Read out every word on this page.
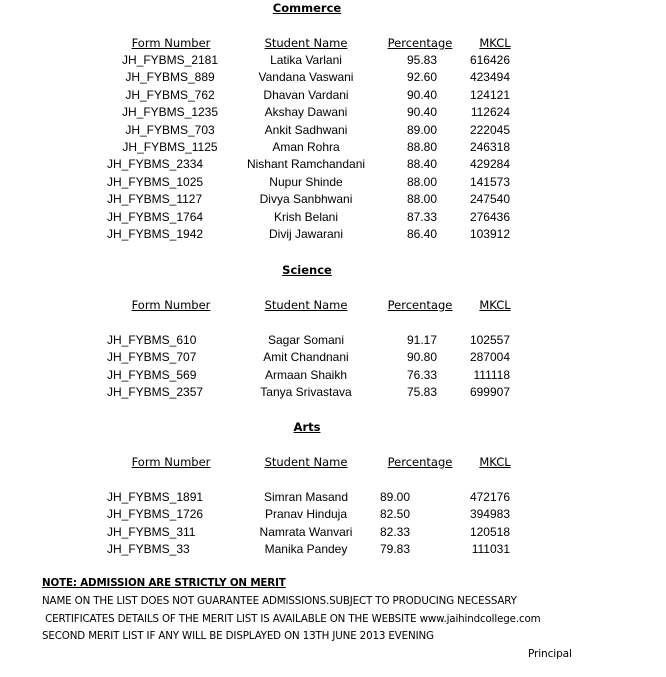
Commerce
Form Number	Student Name	Percentage MKCL
JH_FYBMS_2181	Latika Varlani	95.83	616426
JH_FYBMS_889	Vandana Vaswani	92.60	423494
JH_FYBMS_762	Dhavan Vardani	90.40	124121
JH_FYBMS_1235	Akshay Dawani	90.40	112624
JH_FYBMS_703	Ankit Sadhwani	89.00	222045
JH_FYBMS_1125	Aman Rohra	88.80	246318
JH_FYBMS_2334	Nishant Ramchandani	88.40	429284
JH_FYBMS_1025	Nupur Shinde	88.00	141573
JH_FYBMS_1127	Divya Sanbhwani	88.00	247540
JH_FYBMS_1764	Krish Belani	87.33	276436
JH_FYBMS_1942	Divij Jawarani	86.40	103912
Science
Form Number	Student Name	Percentage MKCL
JH_FYBMS_610	Sagar Somani	91.17	102557
JH_FYBMS_707	Amit Chandnani	90.80	287004
JH_FYBMS_569	Armaan Shaikh	76.33	111118
JH_FYBMS_2357	Tanya Srivastava	75.83	699907
Arts
Form Number	Student Name	Percentage MKCL
JH_FYBMS_1891	Simran Masand	89.00	472176
JH_FYBMS_1726	Pranav Hinduja	82.50	394983
JH_FYBMS_311	Namrata Wanvari 82.33	120518
JH_FYBMS_33	Manika Pandey	79.83	111031
NOTE: ADMISSION ARE STRICTLY ON MERIT
NAME ON THE LIST DOES NOT GUARANTEE ADMISSIONS.SUBJECT TO PRODUCING NECESSARY
CERTIFICATES DETAILS OF THE MERIT LIST IS AVAILABLE ON THE WEBSITE www.jaihindcollege.com
SECOND MERIT LIST IF ANY WILL BE DISPLAYED ON 13TH JUNE 2013 EVENING
Principal
